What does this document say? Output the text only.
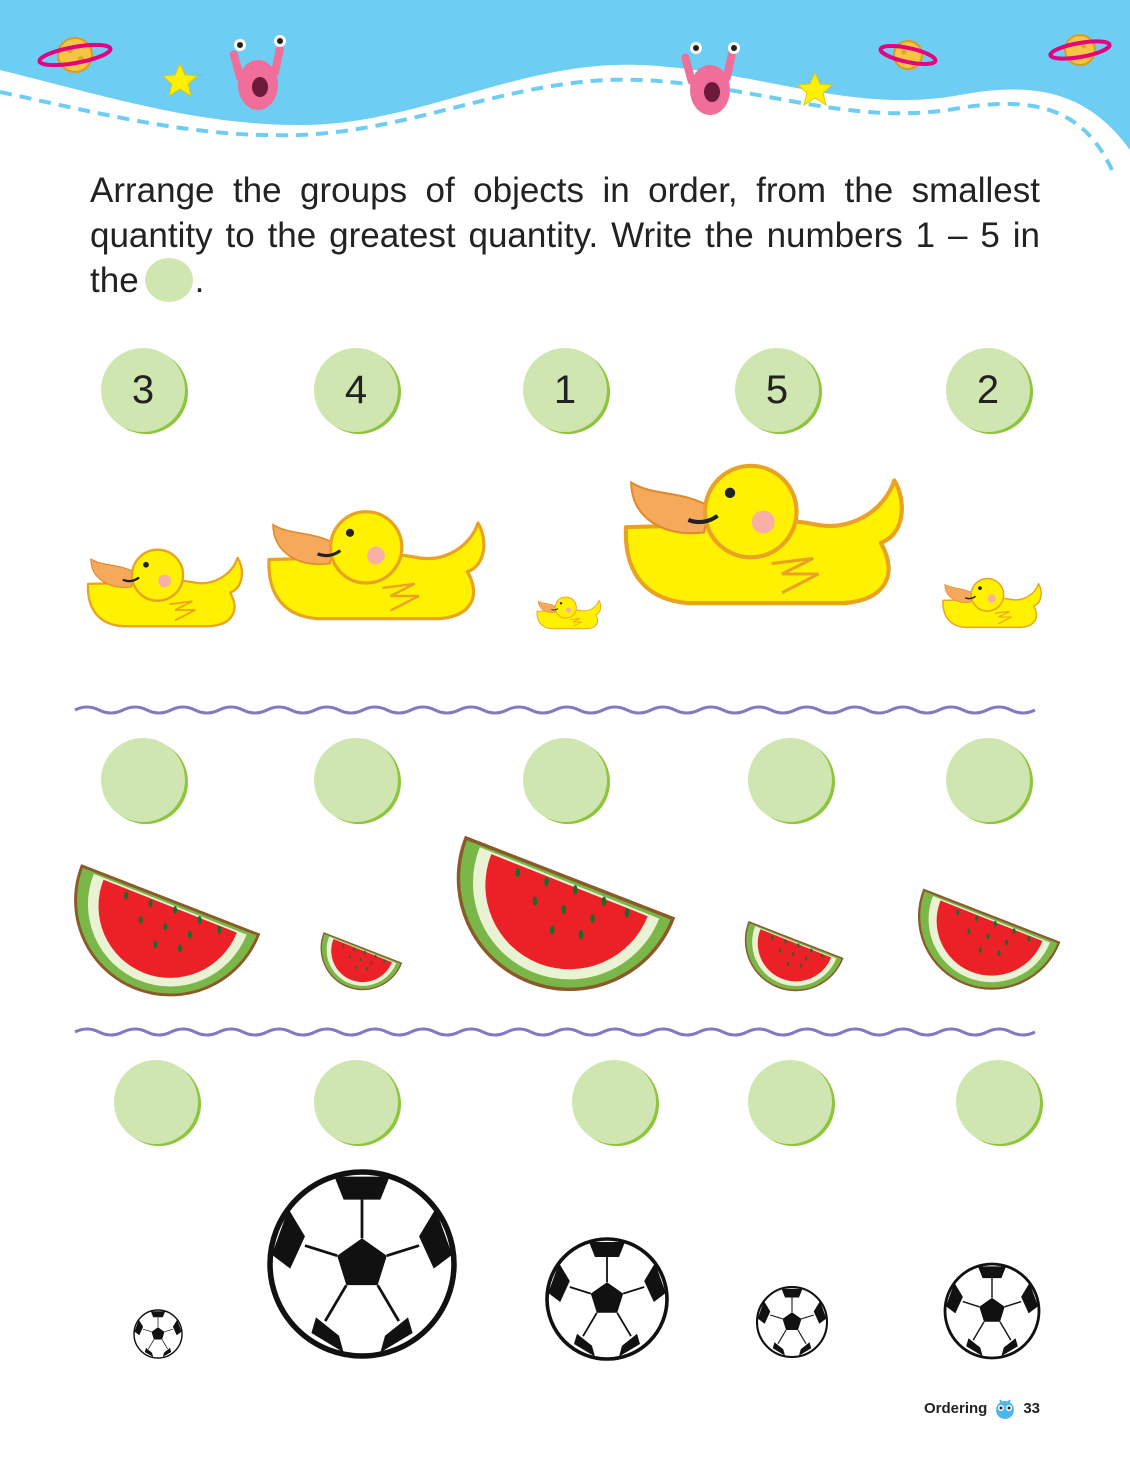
Arrange the groups of objects in order, from the smallest quantity to the greatest quantity. Write the numbers 1 – 5 in the .
3	4	1	5	2
Ordering 33
